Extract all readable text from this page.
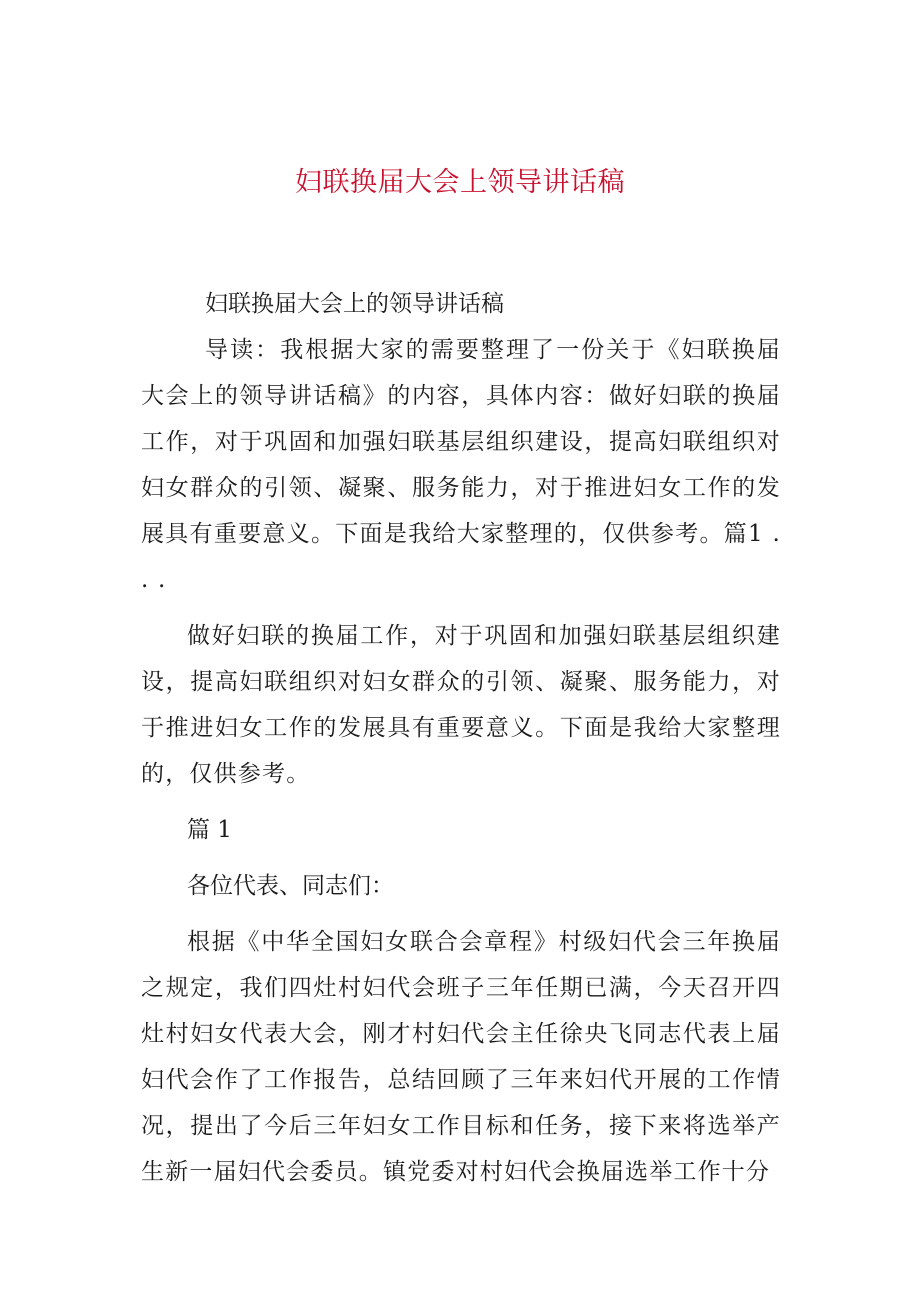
妇联换届大会上领导讲话稿

妇联换届大会上的领导讲话稿

导读：我根据大家的需要整理了一份关于《妇联换届大会上的领导讲话稿》的内容，具体内容：做好妇联的换届工作，对于巩固和加强妇联基层组织建设，提高妇联组织对妇女群众的引领、凝聚、服务能力，对于推进妇女工作的发展具有重要意义。下面是我给大家整理的，仅供参考。篇1 . . .

做好妇联的换届工作，对于巩固和加强妇联基层组织建设，提高妇联组织对妇女群众的引领、凝聚、服务能力，对于推进妇女工作的发展具有重要意义。下面是我给大家整理的，仅供参考。

篇 1

各位代表、同志们：

根据《中华全国妇女联合会章程》村级妇代会三年换届之规定，我们四灶村妇代会班子三年任期已满，今天召开四灶村妇女代表大会，刚才村妇代会主任徐央飞同志代表上届妇代会作了工作报告，总结回顾了三年来妇代开展的工作情况，提出了今后三年妇女工作目标和任务，接下来将选举产生新一届妇代会委员。镇党委对村妇代会换届选举工作十分
